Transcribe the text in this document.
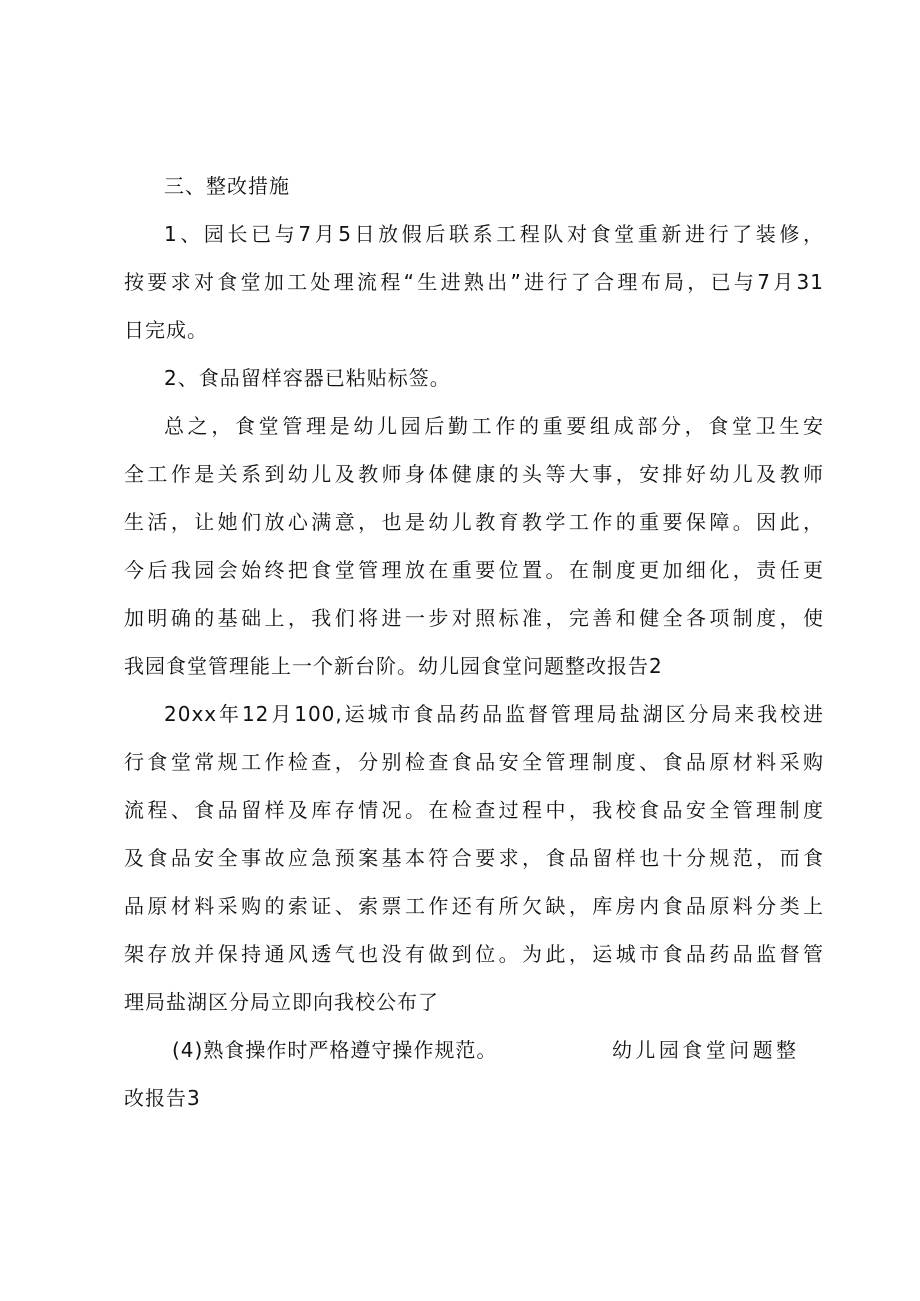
三、整改措施
1、园长已与7月5日放假后联系工程队对食堂重新进行了装修，
按要求对食堂加工处理流程“生进熟出”进行了合理布局，已与7月31
日完成。
2、食品留样容器已粘贴标签。
总之，食堂管理是幼儿园后勤工作的重要组成部分，食堂卫生安
全工作是关系到幼儿及教师身体健康的头等大事，安排好幼儿及教师
生活，让她们放心满意，也是幼儿教育教学工作的重要保障。因此，
今后我园会始终把食堂管理放在重要位置。在制度更加细化，责任更
加明确的基础上，我们将进一步对照标准，完善和健全各项制度，使
我园食堂管理能上一个新台阶。幼儿园食堂问题整改报告2
20xx年12月100,运城市食品药品监督管理局盐湖区分局来我校进
行食堂常规工作检查，分别检查食品安全管理制度、食品原材料采购
流程、食品留样及库存情况。在检查过程中，我校食品安全管理制度
及食品安全事故应急预案基本符合要求，食品留样也十分规范，而食
品原材料采购的索证、索票工作还有所欠缺，库房内食品原料分类上
架存放并保持通风透气也没有做到位。为此，运城市食品药品监督管
理局盐湖区分局立即向我校公布了
(4)熟食操作时严格遵守操作规范。	幼儿园食堂问题整
改报告3
